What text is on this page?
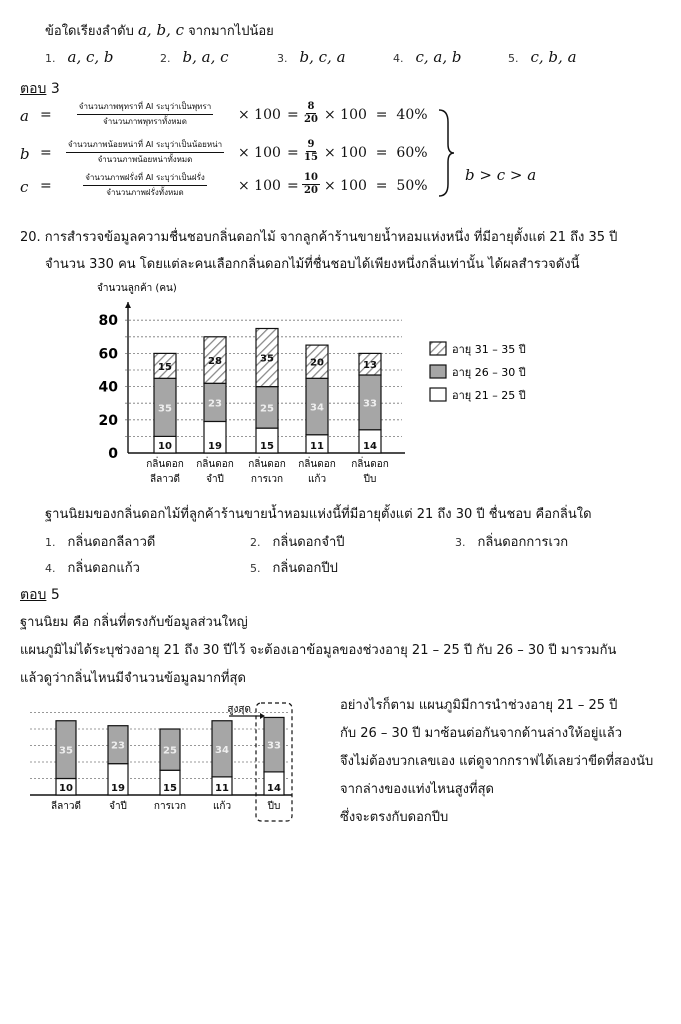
ข้อใดเรียงลำดับ a, b, c จากมากไปน้อย
ตอบ 3
b > c > a
20. การสำรวจข้อมูลความชื่นชอบกลิ่นดอกไม้ จากลูกค้าร้านขายน้ำหอมแห่งหนึ่ง ที่มีอายุตั้งแต่ 21 ถึง 35 ปี
จำนวน 330 คน โดยแต่ละคนเลือกกลิ่นดอกไม้ที่ชื่นชอบได้เพียงหนึ่งกลิ่นเท่านั้น ได้ผลสำรวจดังนี้
0
20
40
60
80
จำนวนลูกค้า (คน)
10
35
15
กลิ่นดอก
ลีลาวดี
19
23
28
กลิ่นดอก
จำปี
15
25
35
กลิ่นดอก
การเวก
11
34
20
กลิ่นดอก
แก้ว
14
33
13
กลิ่นดอก
ปีบ
อายุ 31 – 35 ปี
อายุ 26 – 30 ปี
อายุ 21 – 25 ปี
ฐานนิยมของกลิ่นดอกไม้ที่ลูกค้าร้านขายน้ำหอมแห่งนี้ที่มีอายุตั้งแต่ 21 ถึง 30 ปี ชื่นชอบ คือกลิ่นใด
ตอบ 5
ฐานนิยม คือ กลิ่นที่ตรงกับข้อมูลส่วนใหญ่
แผนภูมิไม่ได้ระบุช่วงอายุ 21 ถึง 30 ปีไว้ จะต้องเอาข้อมูลของช่วงอายุ 21 – 25 ปี กับ 26 – 30 ปี มารวมกัน
แล้วดูว่ากลิ่นไหนมีจำนวนข้อมูลมากที่สุด
10
35
ลีลาวดี
19
23
จำปี
15
25
การเวก
11
34
แก้ว
14
33
ปีบ
สูงสุด	อย่างไรก็ตาม แผนภูมิมีการนำช่วงอายุ 21 – 25 ปี
กับ 26 – 30 ปี มาซ้อนต่อกันจากด้านล่างให้อยู่แล้ว
จึงไม่ต้องบวกเลขเอง แต่ดูจากกราฟได้เลยว่าขีดที่สองนับ
จากล่างของแท่งไหนสูงที่สุด
ซึ่งจะตรงกับดอกปีบ
1. a, c, b	2. b, a, c	3. b, c, a	4. c, a, b	5. c, b, a
a =
จำนวนภาพพุทราที่ AI ระบุว่าเป็นพุทรา
จำนวนภาพพุทราทั้งหมด	× $100 = \frac{8}{20} \times 100 = 40\%$
b =
จำนวนภาพน้อยหน่าที่ AI ระบุว่าเป็นน้อยหน่า
จำนวนภาพน้อยหน่าทั้งหมด	× $100 = \frac{9}{15} \times 100 = 60\%$
c =
จำนวนภาพฝรั่งที่ AI ระบุว่าเป็นฝรั่ง
จำนวนภาพฝรั่งทั้งหมด	× $100 = \frac{10}{20} \times 100 = 50\%$
1. กลิ่นดอกลีลาวดี	2. กลิ่นดอกจำปี	3. กลิ่นดอกการเวก
4. กลิ่นดอกแก้ว	5. กลิ่นดอกปีป
